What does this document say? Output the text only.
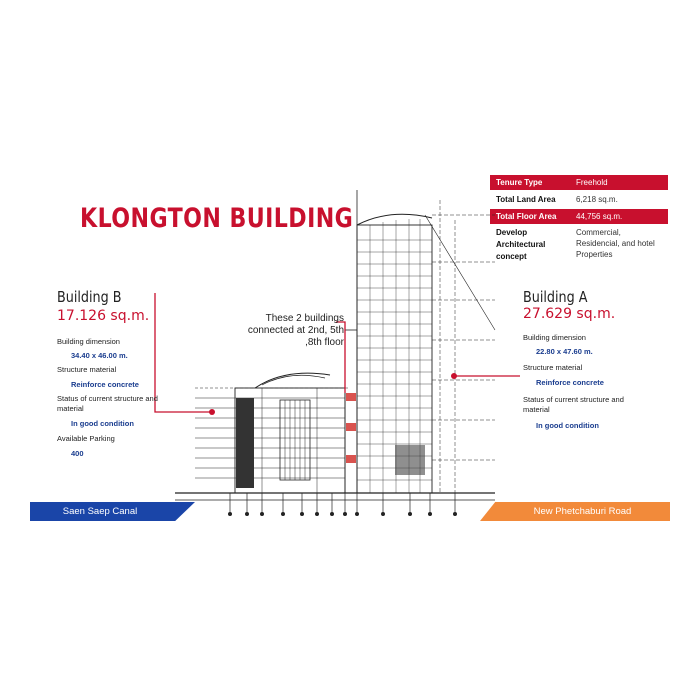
KLONGTON BUILDING
Tenure Type	Freehold

Total Land Area	6,218 sq.m.

Total Floor Area	44,756 sq.m.
Develop Architectural concept	Commercial, Residencial, and hotel Properties
Building B
17.126 sq.m.
Building dimension
34.40 x 46.00 m.
Structure material
Reinforce concrete
Status of current structure and material
In good condition
Available Parking
400
These 2 buildings connected at 2nd, 5th ,8th floor
Building A
27.629 sq.m.
Building dimension
22.80 x 47.60 m.
Structure material
Reinforce concrete
Status of current structure and material
In good condition
Saen Saep Canal	New Phetchaburi Road
